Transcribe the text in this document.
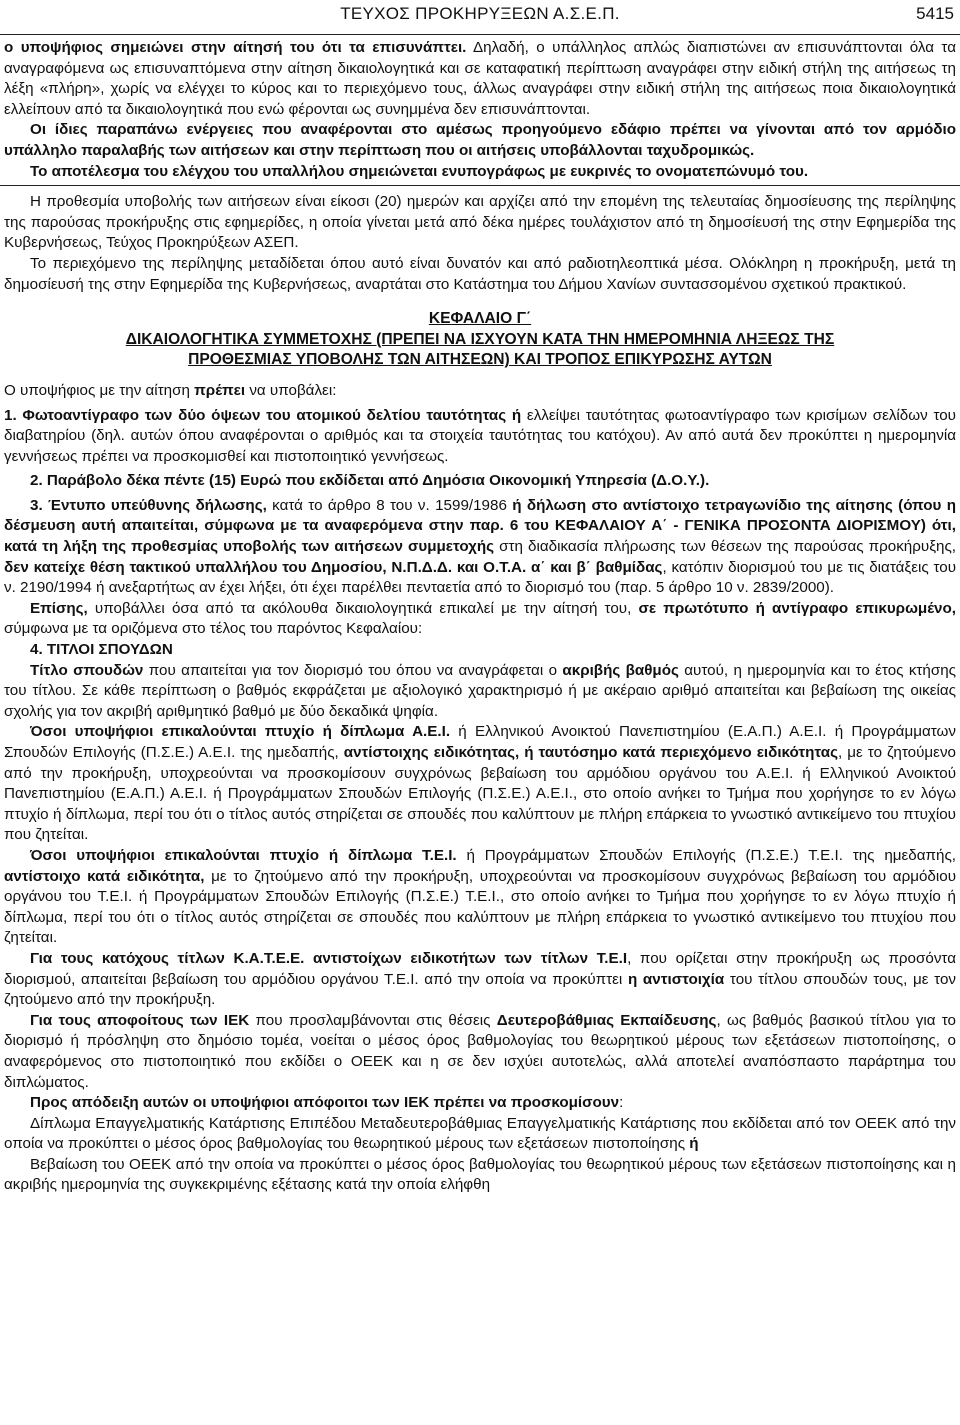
ΤΕΥΧΟΣ ΠΡΟΚΗΡΥΞΕΩΝ Α.Σ.Ε.Π.	5415

ο υποψήφιος σημειώνει στην αίτησή του ότι τα επισυνάπτει. Δηλαδή, ο υπάλληλος απλώς διαπιστώνει αν επισυνάπτονται όλα τα αναγραφόμενα ως επισυναπτόμενα στην αίτηση δικαιολογητικά και σε καταφατική περίπτωση αναγράφει στην ειδική στήλη της αιτήσεως τη λέξη «πλήρη», χωρίς να ελέγχει το κύρος και το περιεχόμενο τους, άλλως αναγράφει στην ειδική στήλη της αιτήσεως ποια δικαιολογητικά ελλείπουν από τα δικαιολογητικά που ενώ φέρονται ως συνημμένα δεν επισυνάπτονται.

Οι ίδιες παραπάνω ενέργειες που αναφέρονται στο αμέσως προηγούμενο εδάφιο πρέπει να γίνονται από τον αρμόδιο υπάλληλο παραλαβής των αιτήσεων και στην περίπτωση που οι αιτήσεις υποβάλλονται ταχυδρομικώς.

Το αποτέλεσμα του ελέγχου του υπαλλήλου σημειώνεται ενυπογράφως με ευκρινές το ονοματεπώνυμό του.

Η προθεσμία υποβολής των αιτήσεων είναι είκοσι (20) ημερών και αρχίζει από την επομένη της τελευταίας δημοσίευσης της περίληψης της παρούσας προκήρυξης στις εφημερίδες, η οποία γίνεται μετά από δέκα ημέρες τουλάχιστον από τη δημοσίευσή της στην Εφημερίδα της Κυβερνήσεως, Τεύχος Προκηρύξεων ΑΣΕΠ.

Το περιεχόμενο της περίληψης μεταδίδεται όπου αυτό είναι δυνατόν και από ραδιοτηλεοπτικά μέσα. Ολόκληρη η προκήρυξη, μετά τη δημοσίευσή της στην Εφημερίδα της Κυβερνήσεως, αναρτάται στο Κατάστημα του Δήμου Χανίων συντασσομένου σχετικού πρακτικού.

ΚΕΦΑΛΑΙΟ Γ΄

ΔΙΚΑΙΟΛΟΓΗΤΙΚΑ ΣΥΜΜΕΤΟΧΗΣ (ΠΡΕΠΕΙ ΝΑ ΙΣΧΥΟΥΝ ΚΑΤΑ ΤΗΝ ΗΜΕΡΟΜΗΝΙΑ ΛΗΞΕΩΣ ΤΗΣ

ΠΡΟΘΕΣΜΙΑΣ ΥΠΟΒΟΛΗΣ ΤΩΝ ΑΙΤΗΣΕΩΝ) ΚΑΙ ΤΡΟΠΟΣ ΕΠΙΚΥΡΩΣΗΣ ΑΥΤΩΝ

Ο υποψήφιος με την αίτηση πρέπει να υποβάλει:

1. Φωτοαντίγραφο των δύο όψεων του ατομικού δελτίου ταυτότητας ή ελλείψει ταυτότητας φωτοαντίγραφο των κρισίμων σελίδων του διαβατηρίου (δηλ. αυτών όπου αναφέρονται ο αριθμός και τα στοιχεία ταυτότητας του κατόχου). Αν από αυτά δεν προκύπτει η ημερομηνία γεννήσεως πρέπει να προσκομισθεί και πιστοποιητικό γεννήσεως.

2. Παράβολο δέκα πέντε (15) Ευρώ που εκδίδεται από Δημόσια Οικονομική Υπηρεσία (Δ.Ο.Υ.).

3. Έντυπο υπεύθυνης δήλωσης, κατά το άρθρο 8 του ν. 1599/1986 ή δήλωση στο αντίστοιχο τετραγωνίδιο της αίτησης (όπου η δέσμευση αυτή απαιτείται, σύμφωνα με τα αναφερόμενα στην παρ. 6 του ΚΕΦΑΛΑΙΟΥ Α΄ - ΓΕΝΙΚΑ ΠΡΟΣΟΝΤΑ ΔΙΟΡΙΣΜΟΥ) ότι, κατά τη λήξη της προθεσμίας υποβολής των αιτήσεων συμμετοχής στη διαδικασία πλήρωσης των θέσεων της παρούσας προκήρυξης, δεν κατείχε θέση τακτικού υπαλλήλου του Δημοσίου, Ν.Π.Δ.Δ. και Ο.Τ.Α. α΄ και β΄ βαθμίδας, κατόπιν διορισμού του με τις διατάξεις του ν. 2190/1994 ή ανεξαρτήτως αν έχει λήξει, ότι έχει παρέλθει πενταετία από το διορισμό του (παρ. 5 άρθρο 10 ν. 2839/2000).

Επίσης, υποβάλλει όσα από τα ακόλουθα δικαιολογητικά επικαλεί με την αίτησή του, σε πρωτότυπο ή αντίγραφο επικυρωμένο, σύμφωνα με τα οριζόμενα στο τέλος του παρόντος Κεφαλαίου:

4. ΤΙΤΛΟΙ ΣΠΟΥΔΩΝ

Τίτλο σπουδών που απαιτείται για τον διορισμό του όπου να αναγράφεται ο ακριβής βαθμός αυτού, η ημερομηνία και το έτος κτήσης του τίτλου. Σε κάθε περίπτωση ο βαθμός εκφράζεται με αξιολογικό χαρακτηρισμό ή με ακέραιο αριθμό απαιτείται και βεβαίωση της οικείας σχολής για τον ακριβή αριθμητικό βαθμό με δύο δεκαδικά ψηφία.

Όσοι υποψήφιοι επικαλούνται πτυχίο ή δίπλωμα Α.Ε.Ι. ή Ελληνικού Ανοικτού Πανεπιστημίου (Ε.Α.Π.) Α.Ε.Ι. ή Προγράμματων Σπουδών Επιλογής (Π.Σ.Ε.) Α.Ε.Ι. της ημεδαπής, αντίστοιχης ειδικότητας, ή ταυτόσημο κατά περιεχόμενο ειδικότητας, με το ζητούμενο από την προκήρυξη, υποχρεούνται να προσκομίσουν συγχρόνως βεβαίωση του αρμόδιου οργάνου του Α.Ε.Ι. ή Ελληνικού Ανοικτού Πανεπιστημίου (Ε.Α.Π.) Α.Ε.Ι. ή Προγράμματων Σπουδών Επιλογής (Π.Σ.Ε.) Α.Ε.Ι., στο οποίο ανήκει το Τμήμα που χορήγησε το εν λόγω πτυχίο ή δίπλωμα, περί του ότι ο τίτλος αυτός στηρίζεται σε σπουδές που καλύπτουν με πλήρη επάρκεια το γνωστικό αντικείμενο του πτυχίου που ζητείται.

Όσοι υποψήφιοι επικαλούνται πτυχίο ή δίπλωμα Τ.Ε.Ι. ή Προγράμματων Σπουδών Επιλογής (Π.Σ.Ε.) Τ.Ε.Ι. της ημεδαπής, αντίστοιχο κατά ειδικότητα, με το ζητούμενο από την προκήρυξη, υποχρεούνται να προσκομίσουν συγχρόνως βεβαίωση του αρμόδιου οργάνου του Τ.Ε.Ι. ή Προγράμματων Σπουδών Επιλογής (Π.Σ.Ε.) Τ.Ε.Ι., στο οποίο ανήκει το Τμήμα που χορήγησε το εν λόγω πτυχίο ή δίπλωμα, περί του ότι ο τίτλος αυτός στηρίζεται σε σπουδές που καλύπτουν με πλήρη επάρκεια το γνωστικό αντικείμενο του πτυχίου που ζητείται.

Για τους κατόχους τίτλων Κ.Α.Τ.Ε.Ε. αντιστοίχων ειδικοτήτων των τίτλων Τ.Ε.Ι, που ορίζεται στην προκήρυξη ως προσόντα διορισμού, απαιτείται βεβαίωση του αρμόδιου οργάνου Τ.Ε.Ι. από την οποία να προκύπτει η αντιστοιχία του τίτλου σπουδών τους, με τον ζητούμενο από την προκήρυξη.

Για τους αποφοίτους των ΙΕΚ που προσλαμβάνονται στις θέσεις Δευτεροβάθμιας Εκπαίδευσης, ως βαθμός βασικού τίτλου για το διορισμό ή πρόσληψη στο δημόσιο τομέα, νοείται ο μέσος όρος βαθμολογίας του θεωρητικού μέρους των εξετάσεων πιστοποίησης, ο αναφερόμενος στο πιστοποιητικό που εκδίδει ο ΟΕΕΚ και η σε δεν ισχύει αυτοτελώς, αλλά αποτελεί αναπόσπαστο παράρτημα του διπλώματος.

Προς απόδειξη αυτών οι υποψήφιοι απόφοιτοι των ΙΕΚ πρέπει να προσκομίσουν:

Δίπλωμα Επαγγελματικής Κατάρτισης Επιπέδου Μεταδευτεροβάθμιας Επαγγελματικής Κατάρτισης που εκδίδεται από τον ΟΕΕΚ από την οποία να προκύπτει ο μέσος όρος βαθμολογίας του θεωρητικού μέρους των εξετάσεων πιστοποίησης ή

Βεβαίωση του ΟΕΕΚ από την οποία να προκύπτει ο μέσος όρος βαθμολογίας του θεωρητικού μέρους των εξετάσεων πιστοποίησης και η ακριβής ημερομηνία της συγκεκριμένης εξέτασης κατά την οποία ελήφθη
